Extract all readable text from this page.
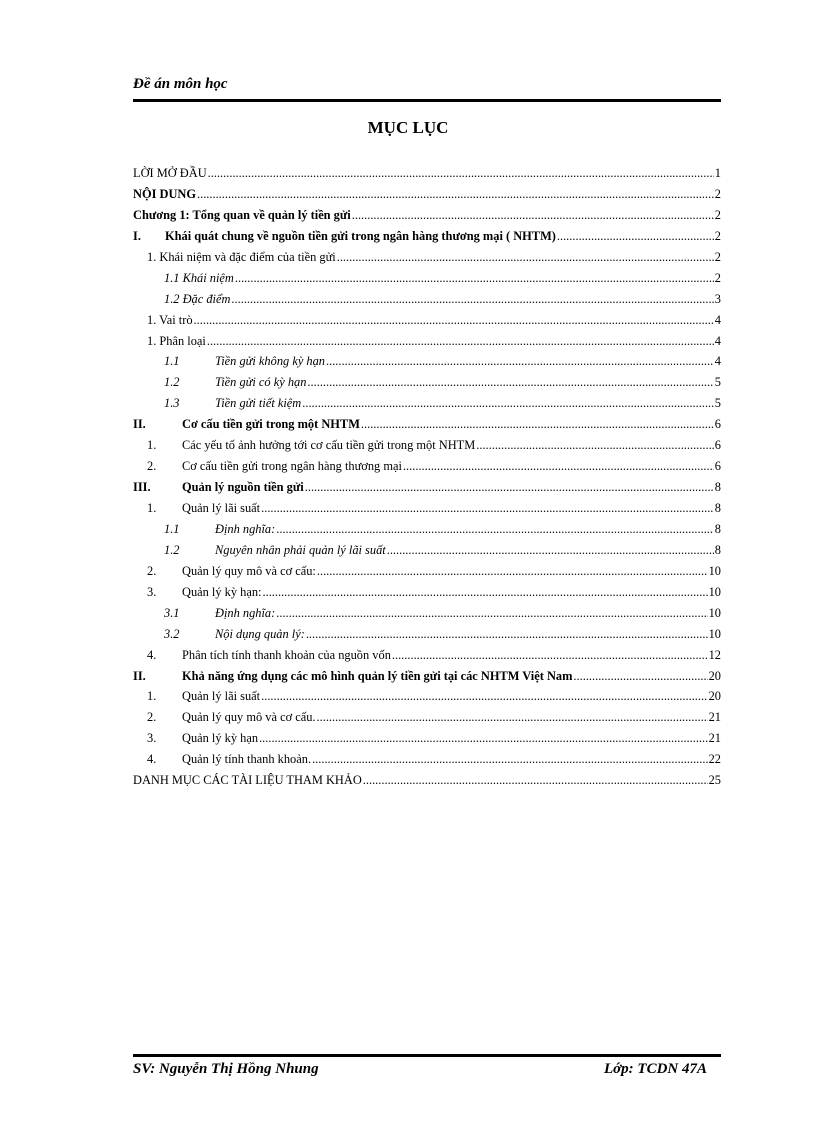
Đề án môn học
MỤC LỤC
LỜI MỞ ĐẦU .....	1
NỘI DUNG .....	2
Chương 1: Tổng quan về quản lý tiền gửi .....	2
I.	Khái quát chung về nguồn tiền gửi trong ngân hàng thương mại ( NHTM) .....	2
1. Khái niệm và đặc điểm của tiền gửi .....	2
1.1 Khái niệm .....	2
1.2 Đặc điểm .....	3
1. Vai trò .....	4
1. Phân loại .....	4
1.1	Tiền gửi không kỳ hạn .....	4
1.2	Tiền gửi có kỳ hạn .....	5
1.3	Tiền gửi tiết kiệm .....	5
II.	Cơ cấu tiền gửi trong một NHTM .....	6
1.	Các yếu tố ảnh hưởng tới cơ cấu tiền gửi trong một NHTM .....	6
2.	Cơ cấu tiền gửi trong ngân hàng thương mại .....	6
III.	Quản lý nguồn tiền gửi .....	8
1.	Quản lý lãi suất .....	8
1.1	Định nghĩa: .....	8
1.2	Nguyên nhân phải quản lý lãi suất .....	8
2.	Quản lý quy mô và cơ cấu: .....	10
3.	Quản lý kỳ hạn: .....	10
3.1	Định nghĩa: .....	10
3.2	Nội dụng quản lý: .....	10
4.	Phân tích tính thanh khoản của nguồn vốn .....	12
II.	Khả năng ứng dụng các mô hình quản lý tiền gửi tại các NHTM Việt Nam .....	20
1.	Quản lý lãi suất .....	20
2.	Quản lý quy mô và cơ cấu. .....	21
3.	Quản lý kỳ hạn .....	21
4.	Quản lý tính thanh khoản. .....	22
DANH MỤC CÁC TÀI LIỆU THAM KHẢO .....	25
SV: Nguyễn Thị Hồng Nhung	Lớp: TCDN 47A
